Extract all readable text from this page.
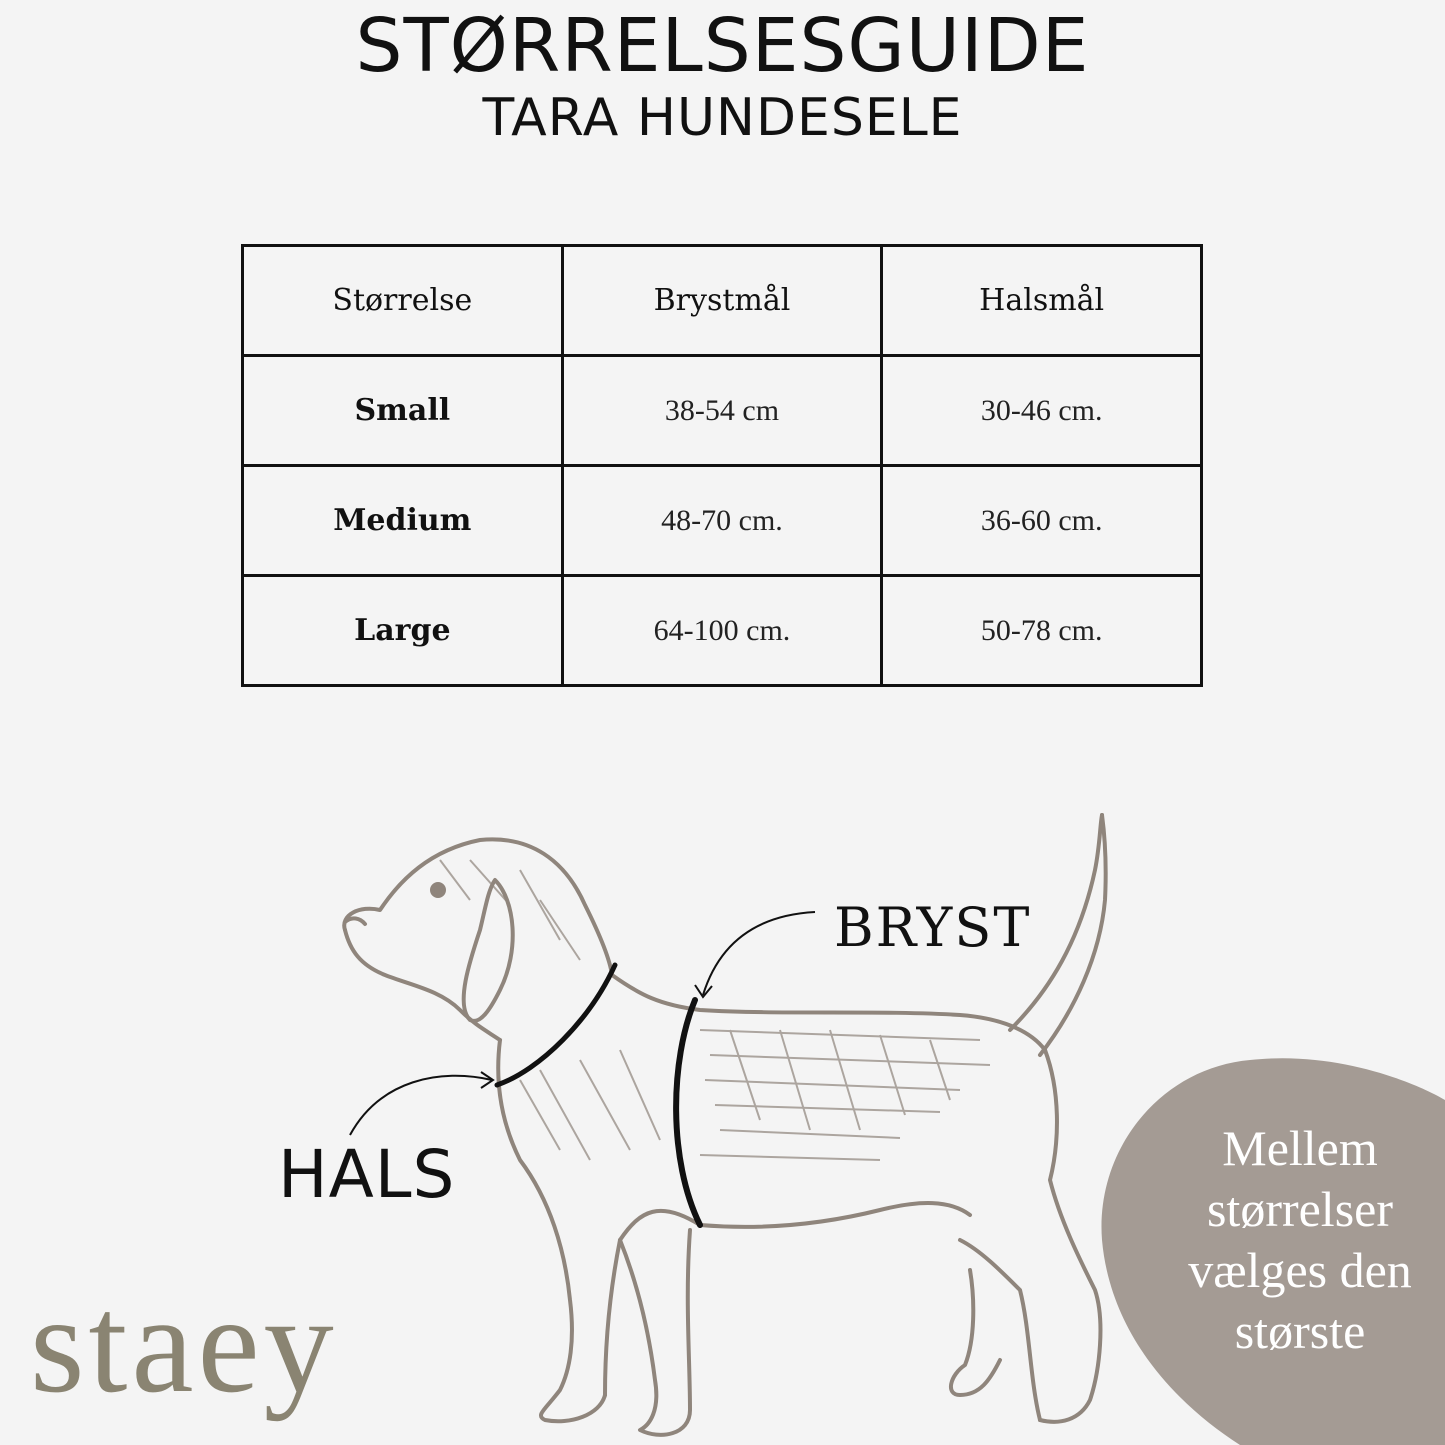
STØRRELSESGUIDE
TARA HUNDESELE
Størrelse	Brystmål	Halsmål
Small	38-54 cm	30-46 cm.
Medium	48-70 cm.	36-60 cm.
Large	64-100 cm.	50-78 cm.
BRYST
HALS
staey
Mellem
størrelser
vælges den
største
